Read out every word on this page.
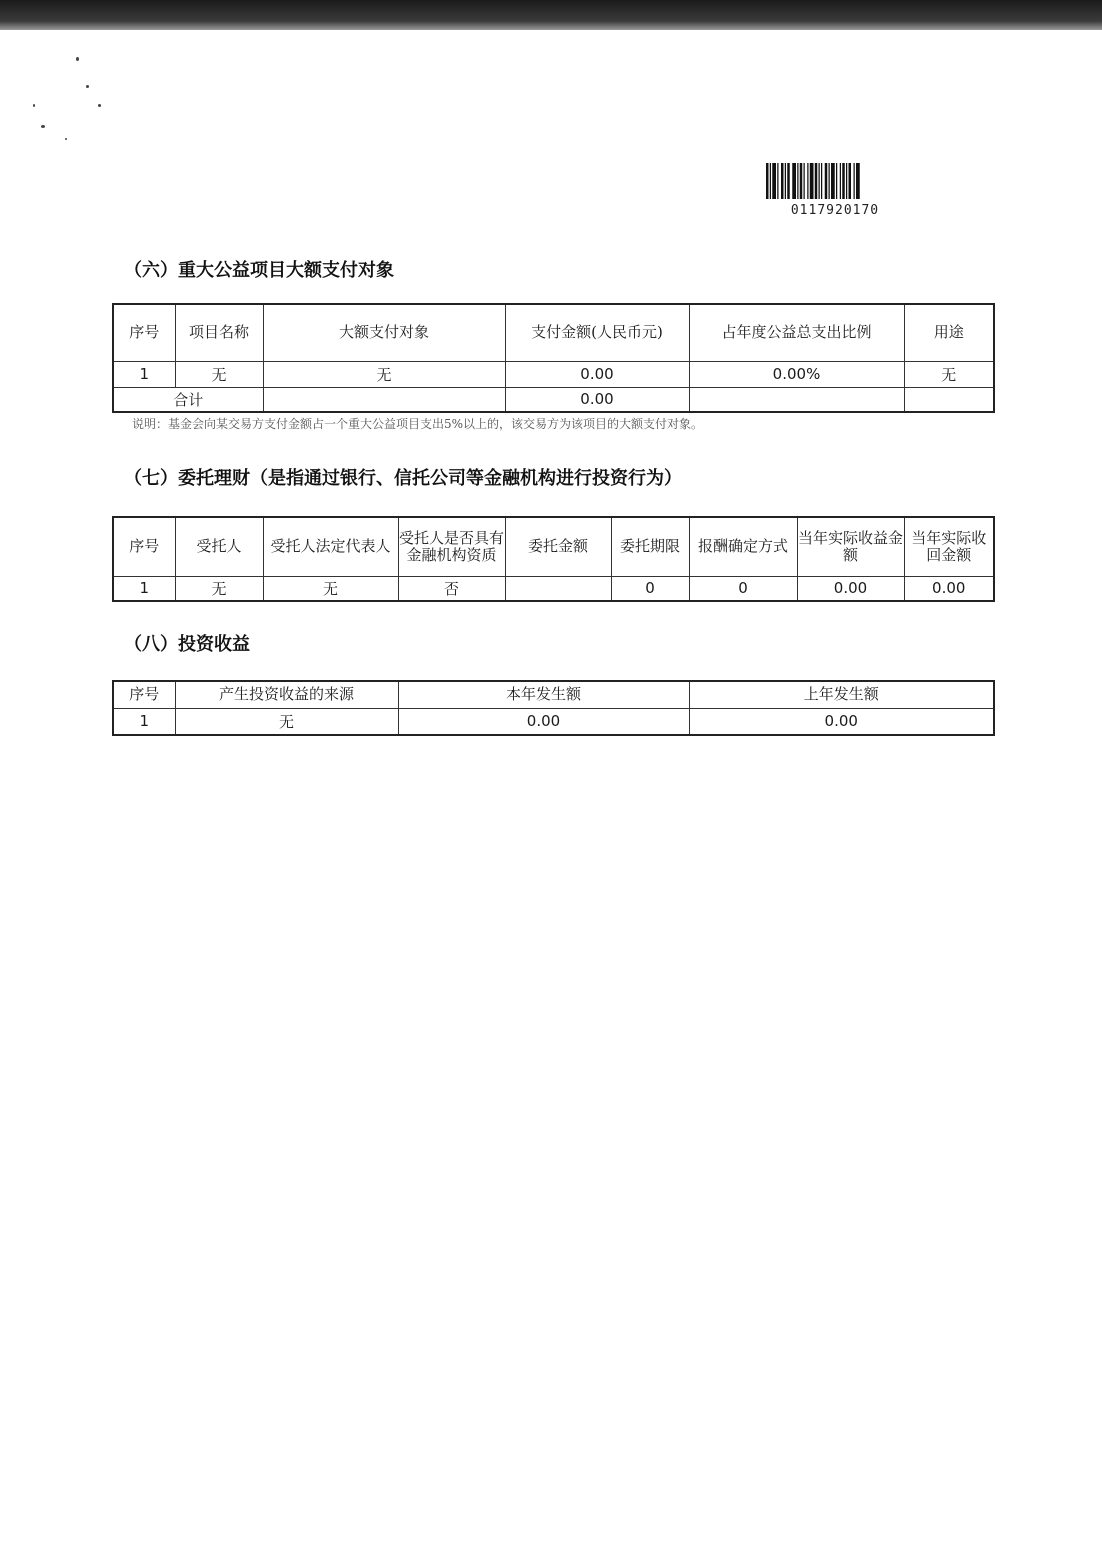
0117920170
（六）重大公益项目大额支付对象
序号	项目名称	大额支付对象	支付金额(人民币元)	占年度公益总支出比例	用途
1	无	无	0.00	0.00%	无
合计			0.00		
说明：基金会向某交易方支付金额占一个重大公益项目支出5%以上的，该交易方为该项目的大额支付对象。
（七）委托理财（是指通过银行、信托公司等金融机构进行投资行为）
序号	受托人	受托人法定代表人	受托人是否具有金融机构资质	委托金额	委托期限	报酬确定方式	当年实际收益金额	当年实际收回金额
1	无	无	否		0	0	0.00	0.00
（八）投资收益
序号	产生投资收益的来源	本年发生额	上年发生额
1	无	0.00	0.00
